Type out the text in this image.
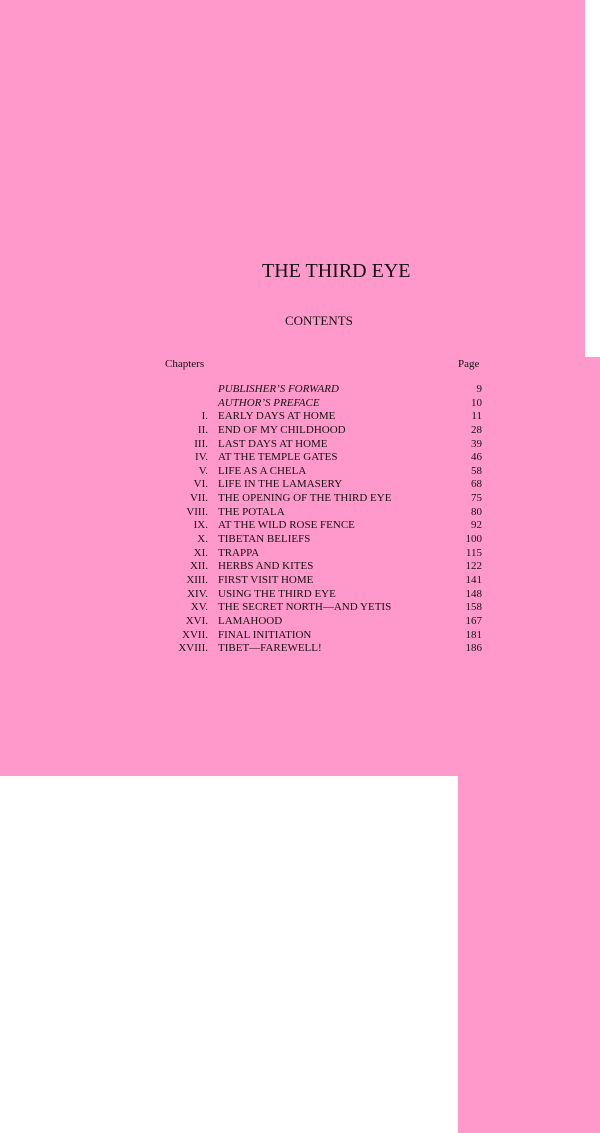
THE THIRD EYE
CONTENTS
Chapters	Page
PUBLISHER’S FORWARD	9
AUTHOR’S PREFACE	10
I. EARLY DAYS AT HOME	11
II. END OF MY CHILDHOOD	28
III. LAST DAYS AT HOME	39
IV. AT THE TEMPLE GATES	46
V. LIFE AS A CHELA	58
VI. LIFE IN THE LAMASERY	68
VII. THE OPENING OF THE THIRD EYE	75
VIII. THE POTALA	80
IX. AT THE WILD ROSE FENCE	92
X. TIBETAN BELIEFS	100
XI. TRAPPA	115
XII. HERBS AND KITES	122
XIII. FIRST VISIT HOME	141
XIV. USING THE THIRD EYE	148
XV. THE SECRET NORTH—AND YETIS	158
XVI. LAMAHOOD	167
XVII. FINAL INITIATION	181
XVIII. TIBET—FAREWELL!	186
